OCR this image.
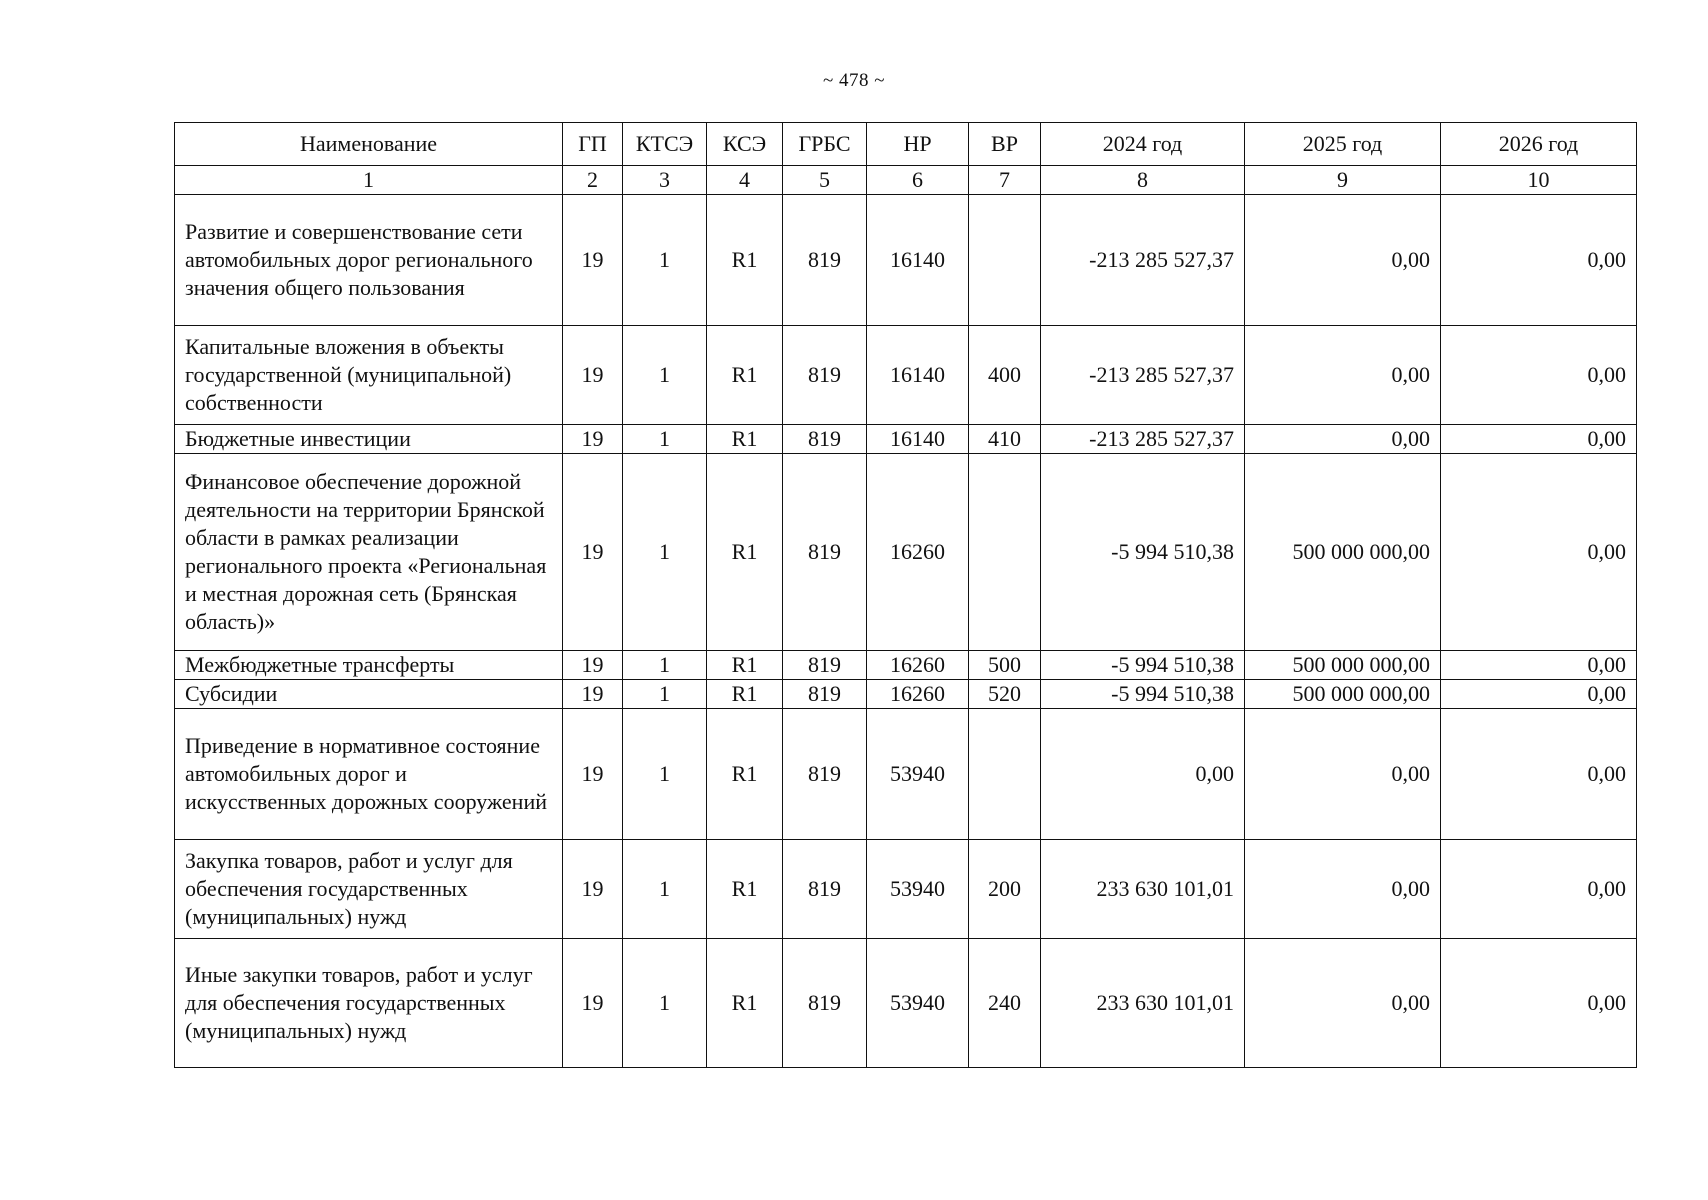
~ 478 ~
Наименование	ГП	КТСЭ	КСЭ	ГРБС	НР	ВР	2024 год	2025 год	2026 год
1	2	3	4	5	6	7	8	9	10
Развитие и совершенствование сети автомобильных дорог регионального значения общего пользования	19	1	R1	819	16140		-213 285 527,37	0,00	0,00
Капитальные вложения в объекты государственной (муниципальной) собственности	19	1	R1	819	16140	400	-213 285 527,37	0,00	0,00
Бюджетные инвестиции	19	1	R1	819	16140	410	-213 285 527,37	0,00	0,00
Финансовое обеспечение дорожной деятельности на территории Брянской области в рамках реализации регионального проекта «Региональная и местная дорожная сеть (Брянская область)»	19	1	R1	819	16260		-5 994 510,38	500 000 000,00	0,00
Межбюджетные трансферты	19	1	R1	819	16260	500	-5 994 510,38	500 000 000,00	0,00
Субсидии	19	1	R1	819	16260	520	-5 994 510,38	500 000 000,00	0,00
Приведение в нормативное состояние автомобильных дорог и искусственных дорожных сооружений	19	1	R1	819	53940		0,00	0,00	0,00
Закупка товаров, работ и услуг для обеспечения государственных (муниципальных) нужд	19	1	R1	819	53940	200	233 630 101,01	0,00	0,00
Иные закупки товаров, работ и услуг для обеспечения государственных (муниципальных) нужд	19	1	R1	819	53940	240	233 630 101,01	0,00	0,00
